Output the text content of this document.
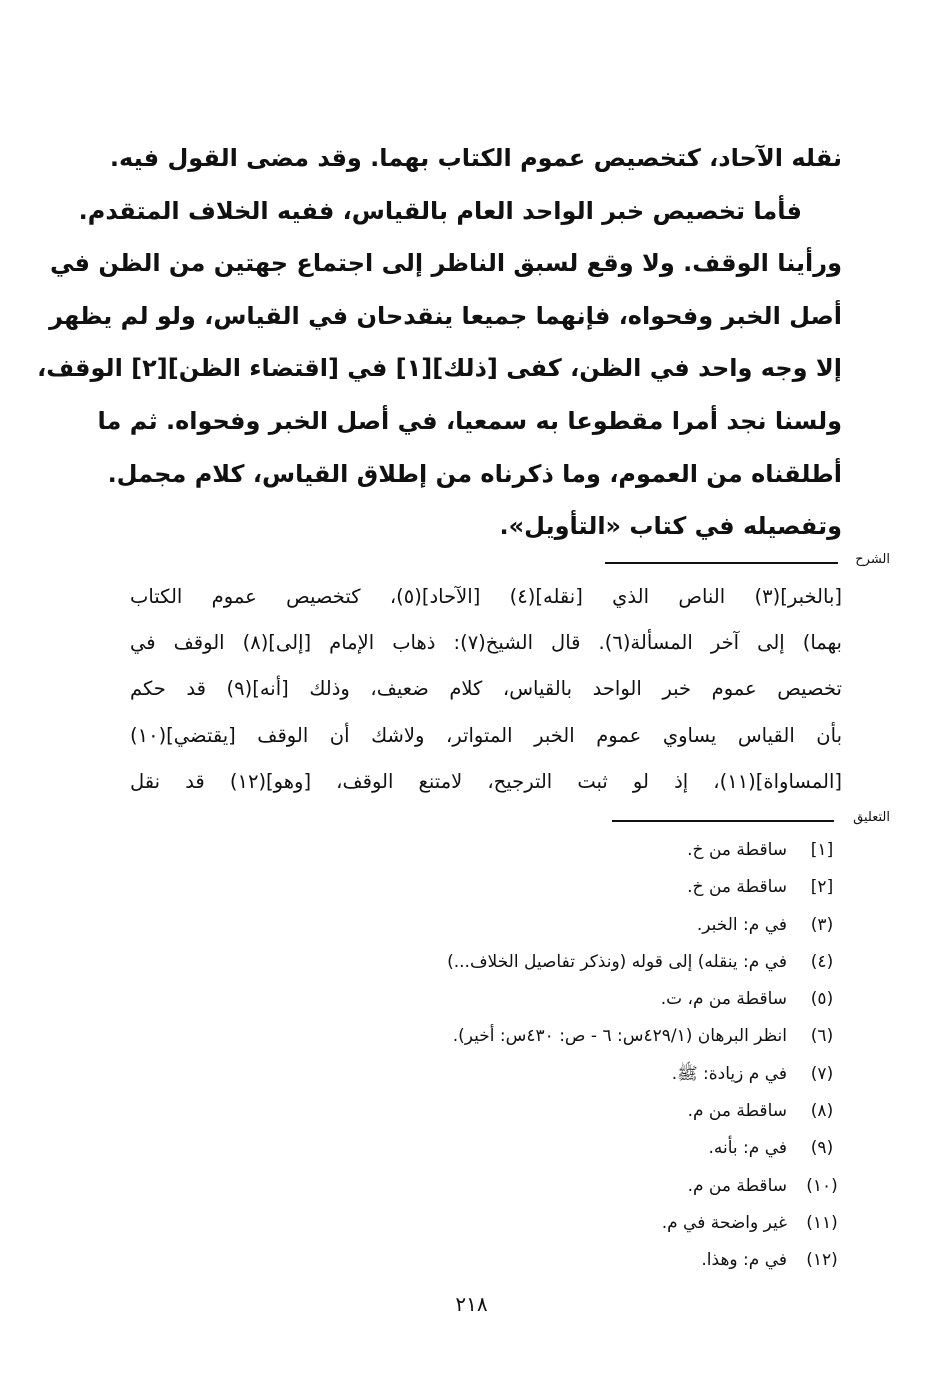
نقله الآحاد، كتخصيص عموم الكتاب بهما. وقد مضى القول فيه.
فأما تخصيص خبر الواحد العام بالقياس، ففيه الخلاف المتقدم.
ورأينا الوقف. ولا وقع لسبق الناظر إلى اجتماع جهتين من الظن في
أصل الخبر وفحواه، فإنهما جميعا ينقدحان في القياس، ولو لم يظهر
إلا وجه واحد في الظن، كفى [ذلك][١] في [اقتضاء الظن][٢] الوقف،
ولسنا نجد أمرا مقطوعا به سمعيا، في أصل الخبر وفحواه. ثم ما
أطلقناه من العموم، وما ذكرناه من إطلاق القياس، كلام مجمل.
وتفصيله في كتاب «التأويل».
الشرح
[بالخبر](٣) الناص الذي [نقله](٤) [الآحاد](٥)، كتخصيص عموم الكتاب
بهما) إلى آخر المسألة(٦). قال الشيخ(٧): ذهاب الإمام [إلى](٨) الوقف في
تخصيص عموم خبر الواحد بالقياس، كلام ضعيف، وذلك [أنه](٩) قد حكم
بأن القياس يساوي عموم الخبر المتواتر، ولاشك أن الوقف [يقتضي](١٠)
[المساواة](١١)، إذ لو ثبت الترجيح، لامتنع الوقف، [وهو](١٢) قد نقل
التعليق
[١]
ساقطة من خ.
[٢]
ساقطة من خ.
(٣)
في م: الخبر.
(٤)
في م: ينقله) إلى قوله (ونذكر تفاصيل الخلاف...)
(٥)
ساقطة من م، ت.
(٦)
انظر البرهان (٤٢٩/١س: ٦ - ص: ٤٣٠س: أخير).
(٧)
في م زيادة: ﷺ.
(٨)
ساقطة من م.
(٩)
في م: بأنه.
(١٠)
ساقطة من م.
(١١)
غير واضحة في م.
(١٢)
في م: وهذا.
٢١٨
